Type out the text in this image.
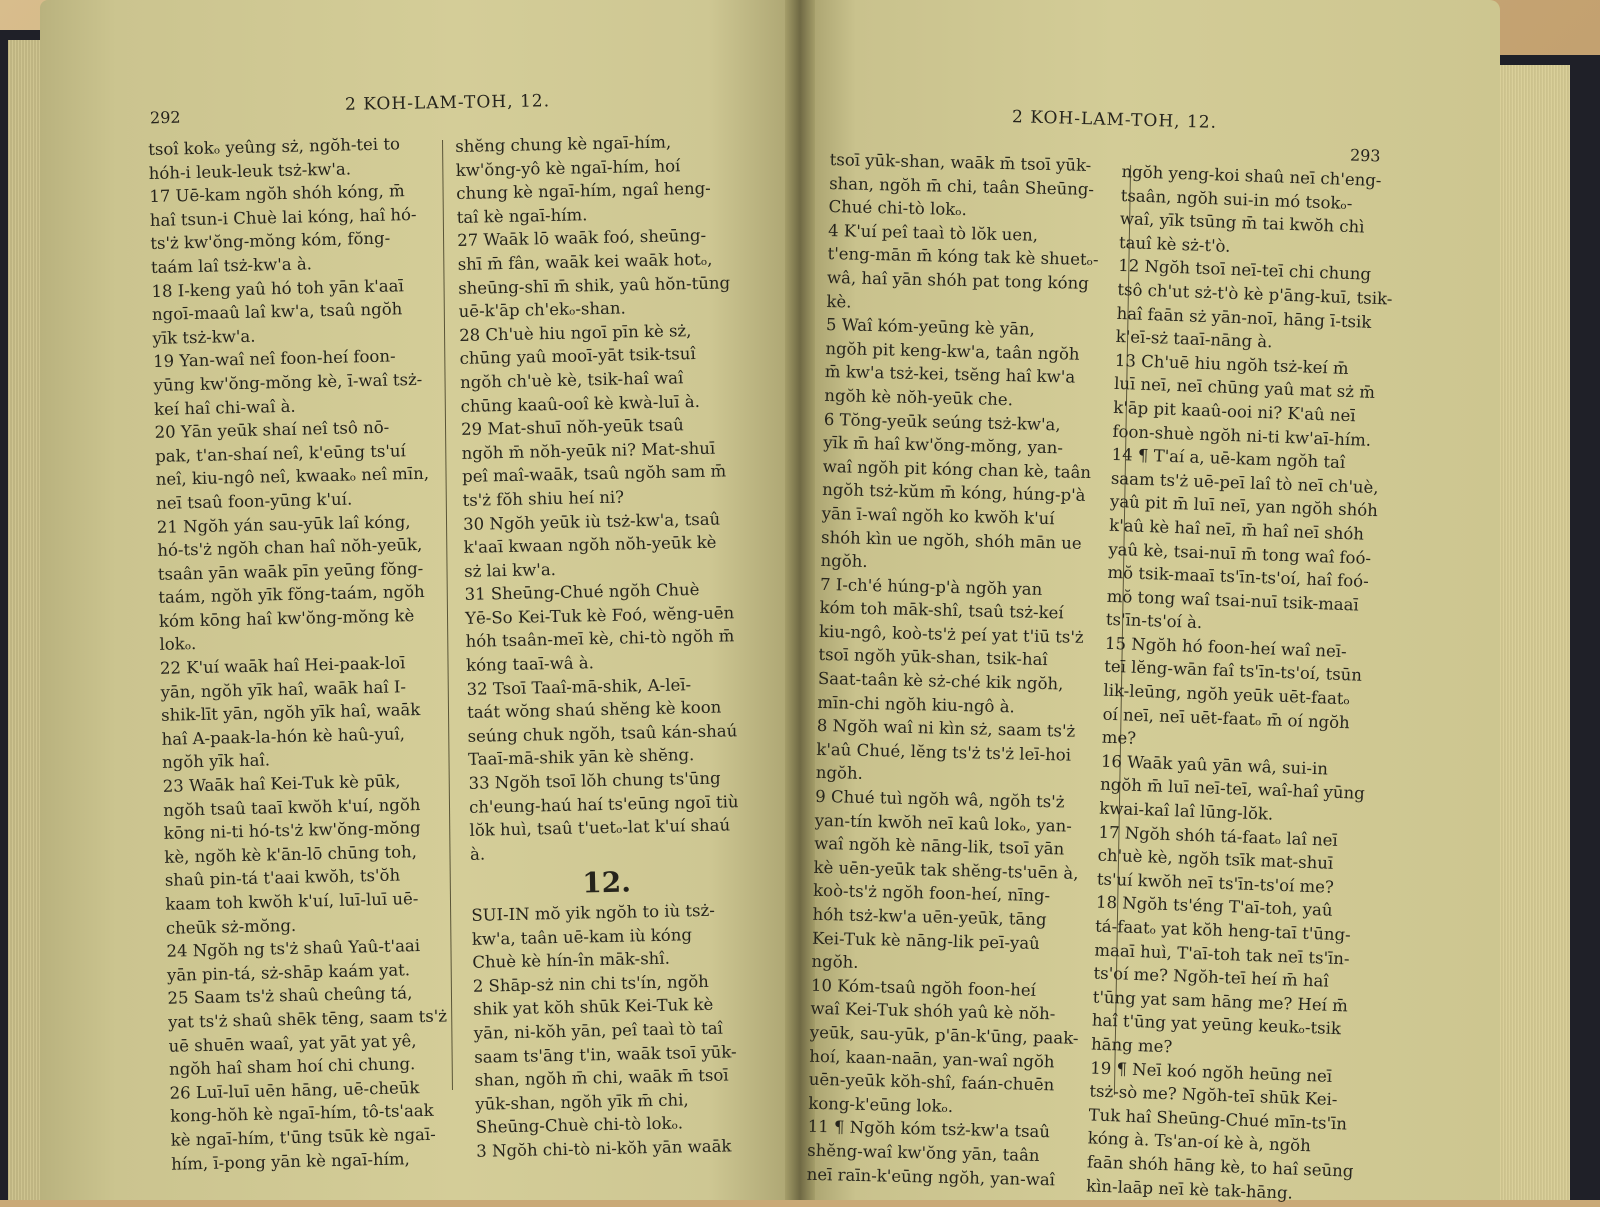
292
2 KOH-LAM-TOH, 12.

tsoî kokₒ yeûng sż, ngŏh-tei to

hóh-i leuk-leuk tsż-kw'a.

17 Uē-kam ngŏh shóh kóng, m̄

haî tsun-i Chuè lai kóng, haî hó-

ts'ż kw'ŏng-mŏng kóm, fŏng-

taám laî tsż-kw'a à.

18 I-keng yaû hó toh yān k'aaī

ngoī-maaû laî kw'a, tsaû ngŏh

yīk tsż-kw'a.

19 Yan-waî neî foon-heí foon-

yūng kw'ŏng-mŏng kè, ī-waî tsż-

keí haî chi-waî à.

20 Yān yeūk shaí neî tsô nō-

pak, t'an-shaí neî, k'eūng ts'uí

neî, kiu-ngô neî, kwaakₒ neî mīn,

neī tsaû foon-yūng k'uí.

21 Ngŏh yán sau-yūk laî kóng,

hó-ts'ż ngŏh chan haî nŏh-yeūk,

tsaân yān waāk pīn yeūng fŏng-

taám, ngŏh yīk fŏng-taám, ngŏh

kóm kōng haî kw'ŏng-mŏng kè

lokₒ.

22 K'uí waāk haî Hei-paak-loī

yān, ngŏh yīk haî, waāk haî I-

shik-līt yān, ngŏh yīk haî, waāk

haî A-paak-la-hón kè haû-yuî,

ngŏh yīk haî.

23 Waāk haî Kei-Tuk kè pūk,

ngŏh tsaû taaī kwŏh k'uí, ngŏh

kōng ni-ti hó-ts'ż kw'ŏng-mŏng

kè, ngŏh kè k'ān-lō chūng toh,

shaû pin-tá t'aai kwŏh, ts'ŏh

kaam toh kwŏh k'uí, luī-luī uē-

cheūk sż-mŏng.

24 Ngŏh ng ts'ż shaû Yaû-t'aai

yān pin-tá, sż-shāp kaám yat.

25 Saam ts'ż shaû cheûng tá,

yat ts'ż shaû shēk tēng, saam ts'ż

uē shuēn waaî, yat yāt yat yê,

ngŏh haî sham hoí chi chung.

26 Luī-luī uēn hāng, uē-cheūk

kong-hŏh kè ngaī-hím, tô-ts'aak

kè ngaī-hím, t'ūng tsūk kè ngaī-

hím, ī-pong yān kè ngaī-hím,

shĕng chung kè ngaī-hím,

kw'ŏng-yô kè ngaī-hím, hoí

chung kè ngaī-hím, ngaî heng-

taî kè ngaī-hím.

27 Waāk lō waāk foó, sheūng-

shī m̄ fân, waāk kei waāk hotₒ,

sheūng-shī m̄ shik, yaû hŏn-tūng

uē-k'āp ch'ekₒ-shan.

28 Ch'uè hiu ngoī pīn kè sż,

chūng yaû mooī-yāt tsik-tsuî

ngŏh ch'uè kè, tsik-haî waî

chūng kaaû-ooî kè kwà-luī à.

29 Mat-shuī nŏh-yeūk tsaû

ngŏh m̄ nŏh-yeūk ni? Mat-shuī

peî maî-waāk, tsaû ngŏh sam m̄

ts'ż fŏh shiu heí ni?

30 Ngŏh yeūk iù tsż-kw'a, tsaû

k'aaī kwaan ngŏh nŏh-yeūk kè

sż lai kw'a.

31 Sheūng-Chué ngŏh Chuè

Yē-So Kei-Tuk kè Foó, wĕng-uēn

hóh tsaân-meī kè, chi-tò ngŏh m̄

kóng taaī-wâ à.

32 Tsoī Taaî-mā-shik, A-leī-

taát wŏng shaú shĕng kè koon

seúng chuk ngŏh, tsaû kán-shaú

Taaī-mā-shik yān kè shĕng.

33 Ngŏh tsoī lŏh chung ts'ūng

ch'eung-haú haí ts'eūng ngoī tiù

lŏk huì, tsaû t'uetₒ-lat k'uí shaú

à.

12.

SUI-IN mŏ yik ngŏh to iù tsż-

kw'a, taân uē-kam iù kóng

Chuè kè hín-în māk-shî.

2 Shāp-sż nin chi ts'ín, ngŏh

shik yat kŏh shūk Kei-Tuk kè

yān, ni-kŏh yān, peî taaì tò taî

saam ts'āng t'in, waāk tsoī yūk-

shan, ngŏh m̄ chi, waāk m̄ tsoī

yūk-shan, ngŏh yīk m̄ chi,

Sheūng-Chuè chi-tò lokₒ.

3 Ngŏh chi-tò ni-kŏh yān waāk

2 KOH-LAM-TOH, 12.
293

tsoī yūk-shan, waāk m̄ tsoī yūk-

shan, ngŏh m̄ chi, taân Sheūng-

Chué chi-tò lokₒ.

4 K'uí peî taaì tò lŏk uen,

t'eng-mān m̄ kóng tak kè shuetₒ-

wâ, haî yān shóh pat tong kóng

kè.

5 Waî kóm-yeūng kè yān,

ngŏh pit keng-kw'a, taân ngŏh

m̄ kw'a tsż-kei, tsĕng haî kw'a

ngŏh kè nŏh-yeūk che.

6 Tŏng-yeūk seúng tsż-kw'a,

yīk m̄ haî kw'ŏng-mŏng, yan-

waî ngŏh pit kóng chan kè, taân

ngŏh tsż-kŭm m̄ kóng, húng-p'à

yān ī-waî ngŏh ko kwŏh k'uí

shóh kìn ue ngŏh, shóh mān ue

ngŏh.

7 I-ch'é húng-p'à ngŏh yan

kóm toh māk-shî, tsaû tsż-keí

kiu-ngô, koò-ts'ż peí yat t'iū ts'ż

tsoī ngŏh yūk-shan, tsik-haî

Saat-taân kè sż-ché kik ngŏh,

mīn-chi ngŏh kiu-ngô à.

8 Ngŏh waî ni kìn sż, saam ts'ż

k'aû Chué, lĕng ts'ż ts'ż leī-hoi

ngŏh.

9 Chué tuì ngŏh wâ, ngŏh ts'ż

yan-tín kwŏh neī kaû lokₒ, yan-

waî ngŏh kè nāng-lik, tsoī yān

kè uēn-yeūk tak shĕng-ts'uēn à,

koò-ts'ż ngŏh foon-heí, nīng-

hóh tsż-kw'a uēn-yeūk, tāng

Kei-Tuk kè nāng-lik peī-yaû

ngŏh.

10 Kóm-tsaû ngŏh foon-heí

waî Kei-Tuk shóh yaû kè nŏh-

yeūk, sau-yūk, p'ān-k'ūng, paak-

hoí, kaan-naān, yan-waî ngŏh

uēn-yeūk kŏh-shî, faán-chuēn

kong-k'eūng lokₒ.

11 ¶ Ngŏh kóm tsż-kw'a tsaû

shĕng-waî kw'ŏng yān, taân

neī raīn-k'eūng ngŏh, yan-waî

ngŏh yeng-koi shaû neī ch'eng-

tsaân, ngŏh sui-in mó tsokₒ-

waî, yīk tsūng m̄ tai kwŏh chì

tauî kè sż-t'ò.

12 Ngŏh tsoī neī-teī chi chung

tsô ch'ut sż-t'ò kè p'āng-kuī, tsik-

haî faān sż yān-noī, hāng ī-tsik

k'eī-sż taaī-nāng à.

13 Ch'uē hiu ngŏh tsż-keí m̄

luī neī, neī chūng yaû mat sż m̄

k'āp pit kaaû-ooi ni? K'aû neī

foon-shuè ngŏh ni-ti kw'aī-hím.

14 ¶ T'aí a, uē-kam ngŏh taî

saam ts'ż uē-peī laî tò neī ch'uè,

yaû pit m̄ luī neī, yan ngŏh shóh

k'aû kè haî neī, m̄ haî neī shóh

yaû kè, tsai-nuī m̄ tong waî foó-

mŏ tsik-maaī ts'īn-ts'oí, haî foó-

mŏ tong waî tsai-nuī tsik-maaī

ts'īn-ts'oí à.

15 Ngŏh hó foon-heí waî neī-

teī lĕng-wān faî ts'īn-ts'oí, tsūn

lik-leūng, ngŏh yeūk uēt-faatₒ

oí neī, neī uēt-faatₒ m̄ oí ngŏh

me?

16 Waāk yaû yān wâ, sui-in

ngŏh m̄ luī neī-teī, waî-haî yūng

kwai-kaî laî lūng-lŏk.

17 Ngŏh shóh tá-faatₒ laî neī

ch'uè kè, ngŏh tsīk mat-shuī

ts'uí kwŏh neī ts'īn-ts'oí me?

18 Ngŏh ts'éng T'aī-toh, yaû

tá-faatₒ yat kŏh heng-taī t'ūng-

maaī huì, T'aī-toh tak neī ts'īn-

ts'oí me? Ngŏh-teī heí m̄ haî

t'ūng yat sam hāng me? Heí m̄

haî t'ūng yat yeūng keukₒ-tsik

hāng me?

19 ¶ Neī koó ngŏh heūng neī

tsż-sò me? Ngŏh-teī shūk Kei-

Tuk haî Sheūng-Chué mīn-ts'īn

kóng à. Ts'an-oí kè à, ngŏh

faān shóh hāng kè, to haî seūng

kìn-laāp neī kè tak-hāng.
